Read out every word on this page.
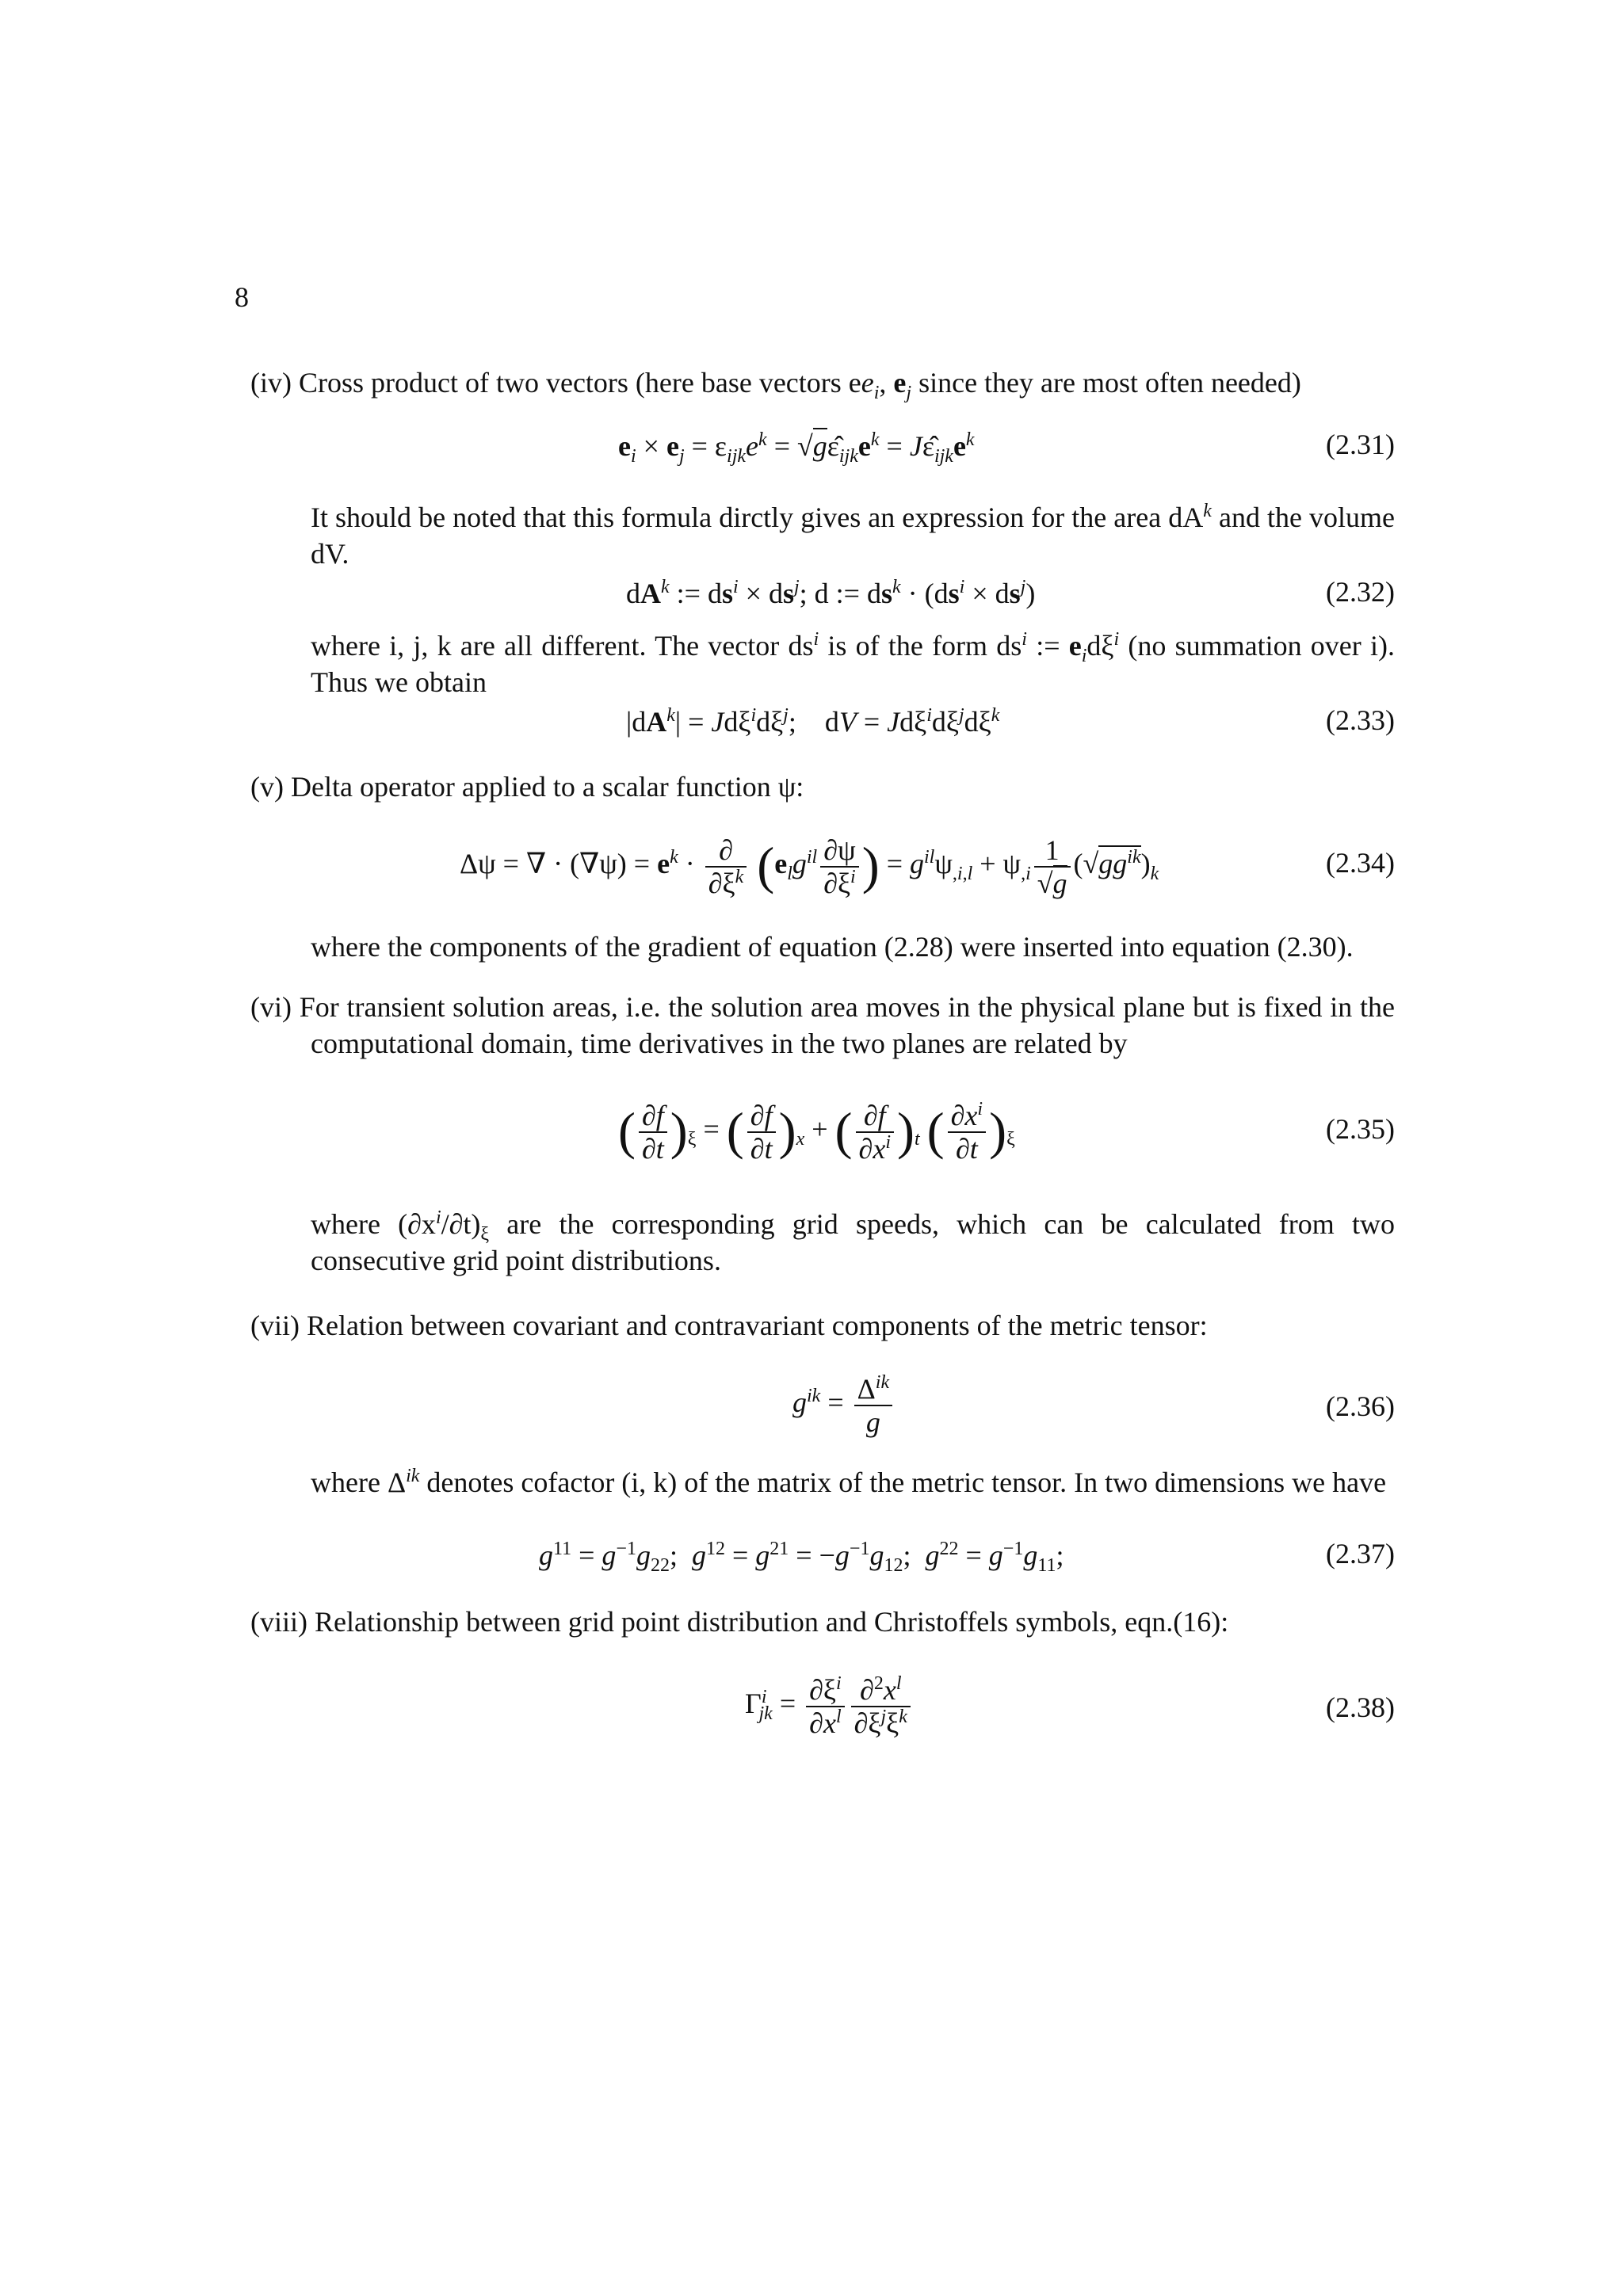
8
(iv) Cross product of two vectors (here base vectors $ee_i$, $e_j$ since they are most often needed)
$e_i \times e_j = \varepsilon_{ijk}e^k$ = $√g\varepsilon̂_{ijk}e^k$ = $J\varepsilon̂_{ijk}e^k$	(2.31)

It should be noted that this formula dirctly gives an expression for the area $dA^k$ and the volume dV.

$dA^k$ := $ds^i \times ds^j$; d := $ds^k \cdot (ds^i \times ds^j)$	(2.32)

where i, j, k are all different. The vector $ds^i$ is of the form $ds^i$ := $e_id\xi^i$ (no summation over i). Thus we obtain

$|dA^k| = Jd\xi^id\xi^j$;    dV = $Jd\xi^id\xi^jd\xi^k$	(2.33)
(v) Delta operator applied to a scalar function ψ:
Δψ = ∇ · $(\nabla\psi) = e^k \cdot \frac{\partial}{\partial\xi^k} (e_lg^{il} \frac{\partial\psi}{\partial\xi^i}$ ) = $g^{il}\psi_{,i,l} + \psi_{,i} \frac{1}{√g} (√gg^{ik})_k$	(2.34)

where the components of the gradient of equation (2.28) were inserted into equation (2.30).

(vi) For transient solution areas, i.e. the solution area moves in the physical plane but is fixed in the computational domain, time derivatives in the two planes are related by

( $\frac{\partial f}{\partial t} )_\xi$ = ( $\frac{\partial f}{\partial t} )_x$ + ( $\frac{\partial f}{\partial x^i} )_t$ ( $\frac{\partial x^i}{\partial t} )_\xi$	(2.35)

where $(\partial x^i/\partial t)_\xi$ are the corresponding grid speeds, which can be calculated from two consecutive grid point distributions.

(vii) Relation between covariant and contravariant components of the metric tensor:
$g^{ik} = \frac{\Delta^{ik}}{g}$	(2.36)

where $\Delta^{ik}$ denotes cofactor (i, k) of the matrix of the metric tensor. In two dimensions we have

$g^{11} = g^{-1}g_{22}$;  $g^{12} = g^{21} = -g^{-1}g_{12}$;  $g^{22} = g^{-1}g_{11}$;	(2.37)
(viii) Relationship between grid point distribution and Christoffels symbols, eqn.(16):
$\Gamma^i_{jk} = \frac{\partial\xi^i}{\partial x^l} \frac{\partial^2x^l}{\partial\xi^j\xi^k}$	(2.38)
